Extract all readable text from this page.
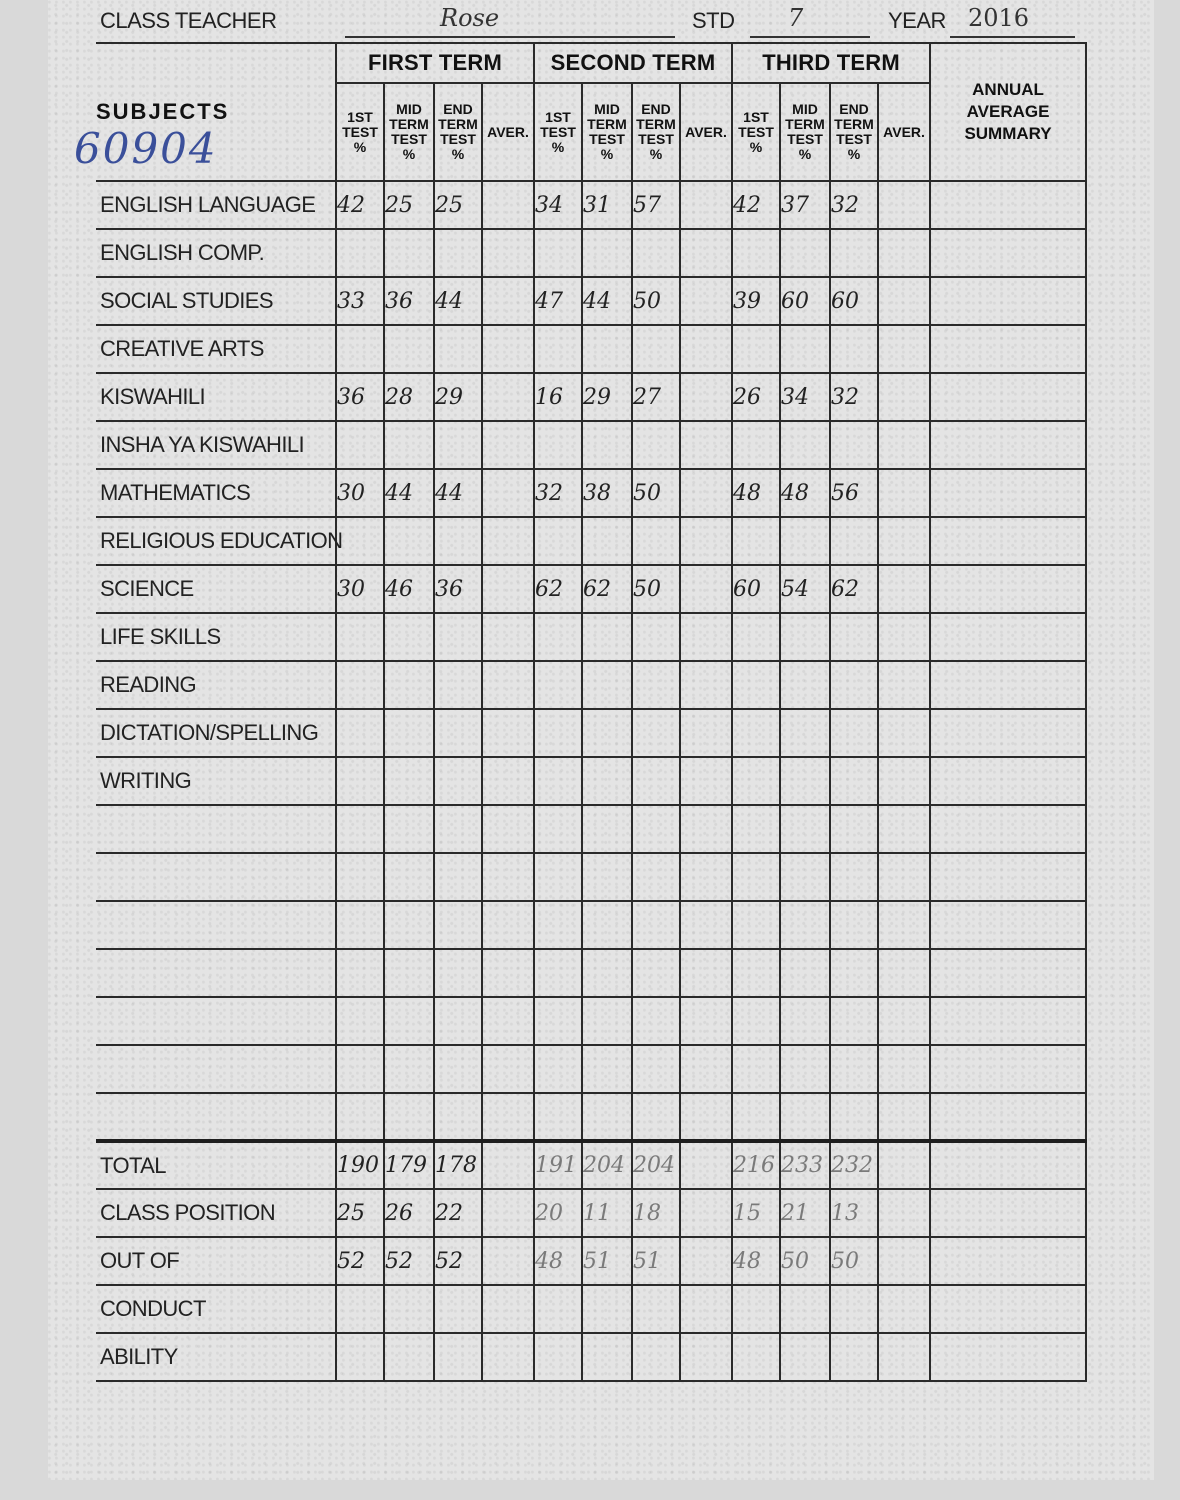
CLASS TEACHER	Rose	STD 7	YEAR 2016
SUBJECTS
60904	FIRST TERM				SECOND TERM				THIRD TERM				ANNUAL AVERAGE SUMMARY
	1ST TEST %	MID TERM TEST %	END TERM TEST %	AVER.	1ST TEST %	MID TERM TEST %	END TERM TEST %	AVER.	1ST TEST %	MID TERM TEST %	END TERM TEST %	AVER.	
ENGLISH LANGUAGE	42	25	25		34	31	57		42	37	32		
ENGLISH COMP.													
SOCIAL STUDIES	33	36	44		47	44	50		39	60	60		
CREATIVE ARTS													
KISWAHILI	36	28	29		16	29	27		26	34	32		
INSHA YA KISWAHILI													
MATHEMATICS	30	44	44		32	38	50		48	48	56		
RELIGIOUS EDUCATION													
SCIENCE	30	46	36		62	62	50		60	54	62		
LIFE SKILLS													
READING													
DICTATION/SPELLING													
WRITING													

TOTAL	190	179	178		191	204	204		216	233	232		
CLASS POSITION	25	26	22		20	11	18		15	21	13		
OUT OF	52	52	52		48	51	51		48	50	50		
CONDUCT													
ABILITY													
